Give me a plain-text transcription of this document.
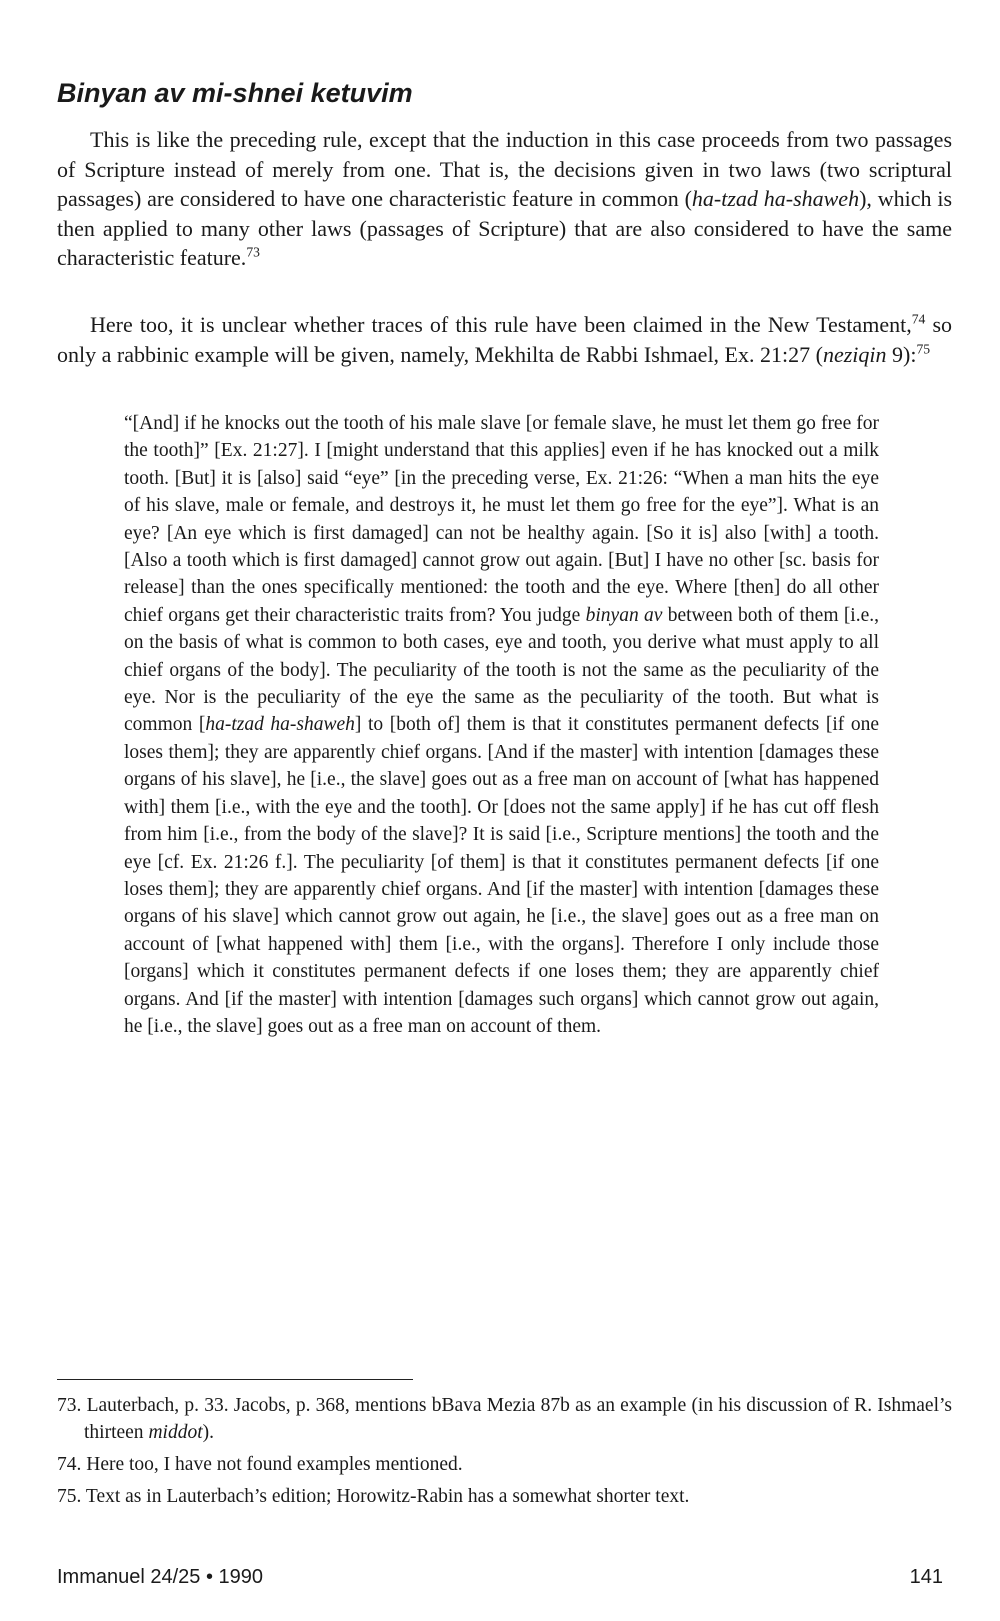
Binyan av mi-shnei ketuvim

This is like the preceding rule, except that the induction in this case proceeds from two passages of Scripture instead of merely from one. That is, the decisions given in two laws (two scriptural passages) are considered to have one characteristic feature in common (ha-tzad ha-shaweh), which is then applied to many other laws (passages of Scripture) that are also considered to have the same characteristic feature.$^{73}$

Here too, it is unclear whether traces of this rule have been claimed in the New Testament,$^{74}$ so only a rabbinic example will be given, namely, Mekhilta de Rabbi Ishmael, Ex. 21:27 (neziqin 9):$^{75}$

“[And] if he knocks out the tooth of his male slave [or female slave, he must let them go free for the tooth]” [Ex. 21:27]. I [might understand that this applies] even if he has knocked out a milk tooth. [But] it is [also] said “eye” [in the preceding verse, Ex. 21:26: “When a man hits the eye of his slave, male or female, and destroys it, he must let them go free for the eye”]. What is an eye? [An eye which is first damaged] can not be healthy again. [So it is] also [with] a tooth. [Also a tooth which is first damaged] cannot grow out again. [But] I have no other [sc. basis for release] than the ones specifically mentioned: the tooth and the eye. Where [then] do all other chief organs get their characteristic traits from? You judge binyan av between both of them [i.e., on the basis of what is common to both cases, eye and tooth, you derive what must apply to all chief organs of the body]. The peculiarity of the tooth is not the same as the peculiarity of the eye. Nor is the peculiarity of the eye the same as the peculiarity of the tooth. But what is common [ha-tzad ha-shaweh] to [both of] them is that it constitutes permanent defects [if one loses them]; they are apparently chief organs. [And if the master] with intention [damages these organs of his slave], he [i.e., the slave] goes out as a free man on account of [what has happened with] them [i.e., with the eye and the tooth]. Or [does not the same apply] if he has cut off flesh from him [i.e., from the body of the slave]? It is said [i.e., Scripture mentions] the tooth and the eye [cf. Ex. 21:26 f.]. The peculiarity [of them] is that it constitutes permanent defects [if one loses them]; they are apparently chief organs. And [if the master] with intention [damages these organs of his slave] which cannot grow out again, he [i.e., the slave] goes out as a free man on account of [what happened with] them [i.e., with the organs]. Therefore I only include those [organs] which it constitutes permanent defects if one loses them; they are apparently chief organs. And [if the master] with intention [damages such organs] which cannot grow out again, he [i.e., the slave] goes out as a free man on account of them.

73. Lauterbach, p. 33. Jacobs, p. 368, mentions bBava Mezia 87b as an example (in his discussion of R. Ishmael’s thirteen middot).

74. Here too, I have not found examples mentioned.

75. Text as in Lauterbach’s edition; Horowitz-Rabin has a somewhat shorter text.

Immanuel 24/25 • 1990	141
